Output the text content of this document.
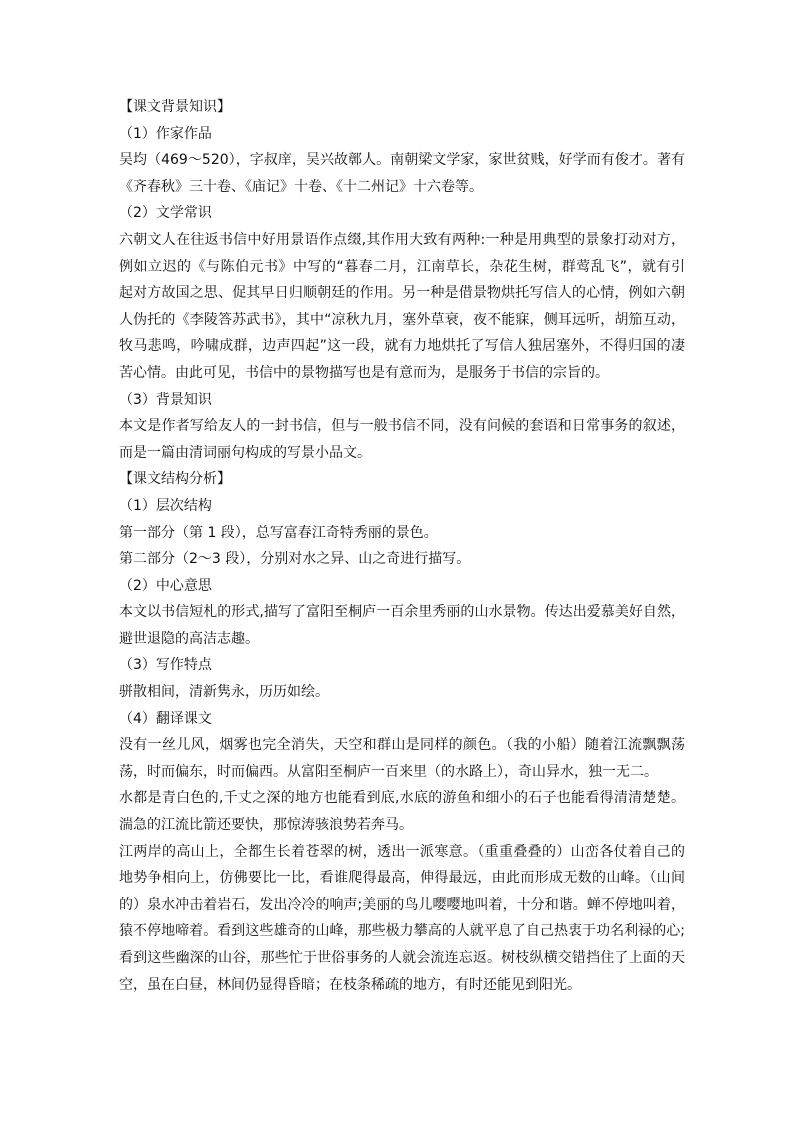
【课文背景知识】
（1）作家作品
吴均（469～520），字叔庠，吴兴故鄣人。南朝梁文学家，家世贫贱，好学而有俊才。著有
《齐春秋》三十卷、《庙记》十卷、《十二州记》十六卷等。
（2）文学常识
六朝文人在往返书信中好用景语作点缀,其作用大致有两种:一种是用典型的景象打动对方，
例如立迟的《与陈伯元书》中写的“暮春二月，江南草长，杂花生树，群莺乱飞”，就有引
起对方故国之思、促其早日归顺朝廷的作用。另一种是借景物烘托写信人的心情，例如六朝
人伪托的《李陵答苏武书》，其中“凉秋九月，塞外草衰，夜不能寐，侧耳远听，胡笳互动，
牧马悲鸣，吟啸成群，边声四起”这一段，就有力地烘托了写信人独居塞外，不得归国的凄
苦心情。由此可见，书信中的景物描写也是有意而为，是服务于书信的宗旨的。
（3）背景知识
本文是作者写给友人的一封书信，但与一般书信不同，没有问候的套语和日常事务的叙述，
而是一篇由清词丽句构成的写景小品文。
【课文结构分析】
（1）层次结构
第一部分（第 1 段），总写富春江奇特秀丽的景色。
第二部分（2～3 段），分别对水之异、山之奇进行描写。
（2）中心意思
本文以书信短札的形式,描写了富阳至桐庐一百余里秀丽的山水景物。传达出爱慕美好自然，
避世退隐的高洁志趣。
（3）写作特点
骈散相间，清新隽永，历历如绘。
（4）翻译课文
没有一丝儿风，烟雾也完全消失，天空和群山是同样的颜色。（我的小船）随着江流飘飘荡
荡，时而偏东，时而偏西。从富阳至桐庐一百来里（的水路上），奇山异水，独一无二。
水都是青白色的,千丈之深的地方也能看到底,水底的游鱼和细小的石子也能看得清清楚楚。
湍急的江流比箭还要快，那惊涛骇浪势若奔马。
江两岸的高山上，全都生长着苍翠的树，透出一派寒意。（重重叠叠的）山峦各仗着自己的
地势争相向上，仿佛要比一比，看谁爬得最高，伸得最远，由此而形成无数的山峰。（山间
的）泉水冲击着岩石，发出冷冷的响声;美丽的鸟儿嘤嘤地叫着，十分和谐。蝉不停地叫着，
猿不停地啼着。看到这些雄奇的山峰，那些极力攀高的人就平息了自己热衷于功名利禄的心;
看到这些幽深的山谷，那些忙于世俗事务的人就会流连忘返。树枝纵横交错挡住了上面的天
空，虽在白昼，林间仍显得昏暗；在枝条稀疏的地方，有时还能见到阳光。
